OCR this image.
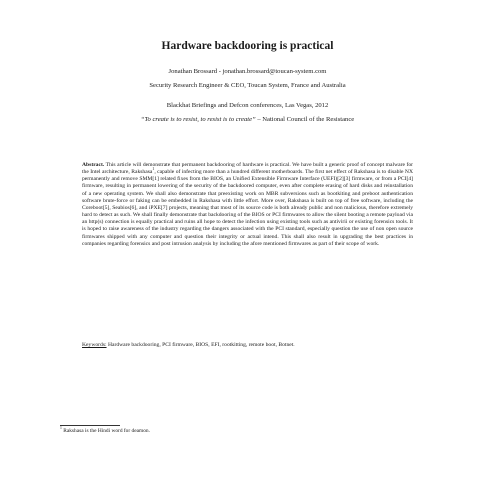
Hardware backdooring is practical
Jonathan Brossard - jonathan.brossard@toucan-system.com
Security Research Engineer & CEO, Toucan System, France and Australia
Blackhat Briefings and Defcon conferences, Las Vegas, 2012
“To create is to resist, to resist is to create” – National Council of the Resistance
Abstract. This article will demonstrate that permanent backdooring of hardware is practical. We have built a generic proof of concept malware for the Intel architecture, Rakshasa$^1$, capable of infecting more than a hundred different motherboards. The first net effect of Rakshasa is to disable NX permanently and remove SMM[1] related fixes from the BIOS, an Unified Extensible Firmware Interface (UEFI)[2][3] firmware, or from a PCI[4] firmware, resulting in permanent lowering of the security of the backdoored computer, even after complete erasing of hard disks and reinstallation of a new operating system. We shall also demonstrate that preexisting work on MBR subversions such as bootkiting and preboot authentication software brute-force or faking can be embedded in Rakshasa with little effort. More over, Rakshasa is built on top of free software, including the Coreboot[5], Seabios[6], and iPXE[7] projects, meaning that most of its source code is both already public and non malicious, therefore extremely hard to detect as such. We shall finally demonstrate that backdooring of the BIOS or PCI firmwares to allow the silent booting a remote payload via an http(s) connection is equally practical and ruins all hope to detect the infection using existing tools such as antivirii or existing forensics tools. It is hoped to raise awareness of the industry regarding the dangers associated with the PCI standard, especially question the use of non open source firmwares shipped with any computer and question their integrity or actual intend. This shall also result in upgrading the best practices in companies regarding forensics and post intrusion analysis by including the afore mentioned firmwares as part of their scope of work.
Keywords: Hardware backdooring, PCI firmware, BIOS, EFI, rootkitting, remote boot, Botnet.
$^1$ Rakshasa is the Hindi word for deamon.
